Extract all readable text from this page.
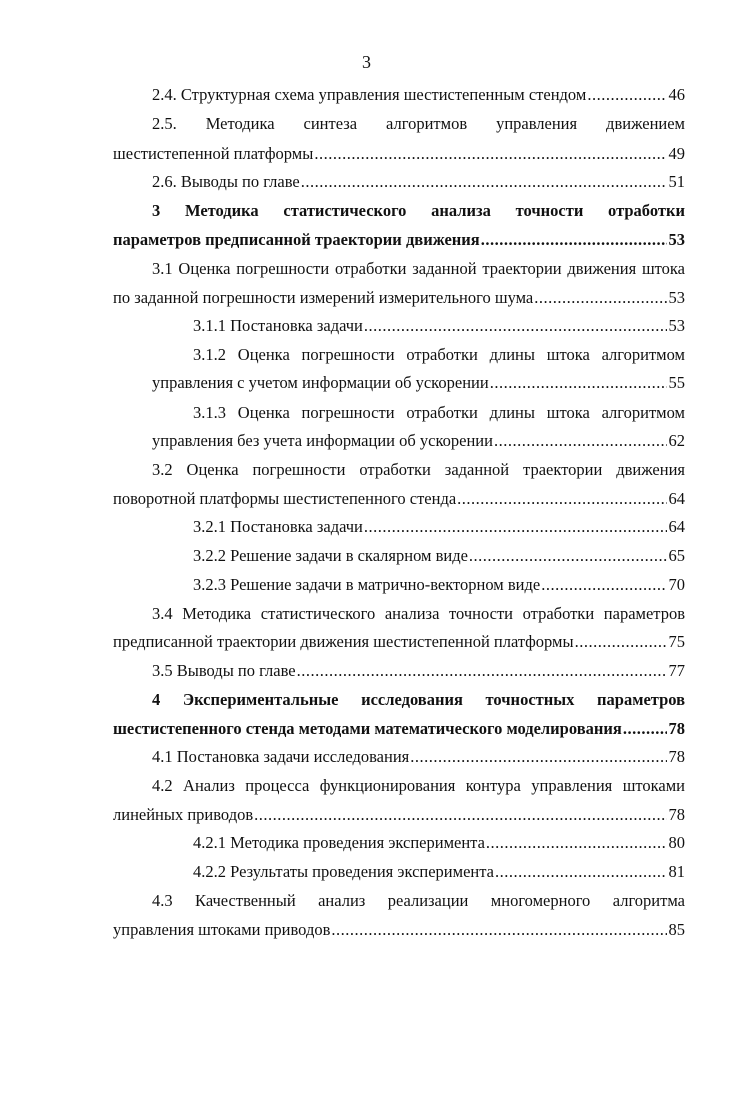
3
2.4. Структурная схема управления шестистепенным стендом .....	46
2.5. Методика синтеза алгоритмов управления движением
шестистепенной платформы .....	49
2.6. Выводы по главе .....	51
3 Методика статистического анализа точности отработки
параметров предписанной траектории движения .....	53
3.1 Оценка погрешности отработки заданной траектории движения штока
по заданной погрешности измерений измерительного шума .....	53
3.1.1 Постановка задачи .....	53
3.1.2 Оценка погрешности отработки длины штока алгоритмом
управления с учетом информации об ускорении .....	55
3.1.3 Оценка погрешности отработки длины штока алгоритмом
управления без учета информации об ускорении .....	62
3.2 Оценка погрешности отработки заданной траектории движения
поворотной платформы шестистепенного стенда .....	64
3.2.1 Постановка задачи .....	64
3.2.2 Решение задачи в скалярном виде .....	65
3.2.3 Решение задачи в матрично-векторном виде .....	70
3.4 Методика статистического анализа точности отработки параметров
предписанной траектории движения шестистепенной платформы .....	75
3.5 Выводы по главе .....	77
4 Экспериментальные исследования точностных параметров
шестистепенного стенда методами математического моделирования .....	78
4.1 Постановка задачи исследования .....	78
4.2 Анализ процесса функционирования контура управления штоками
линейных приводов .....	78
4.2.1 Методика проведения эксперимента .....	80
4.2.2 Результаты проведения эксперимента .....	81
4.3 Качественный анализ реализации многомерного алгоритма
управления штоками приводов .....	85
